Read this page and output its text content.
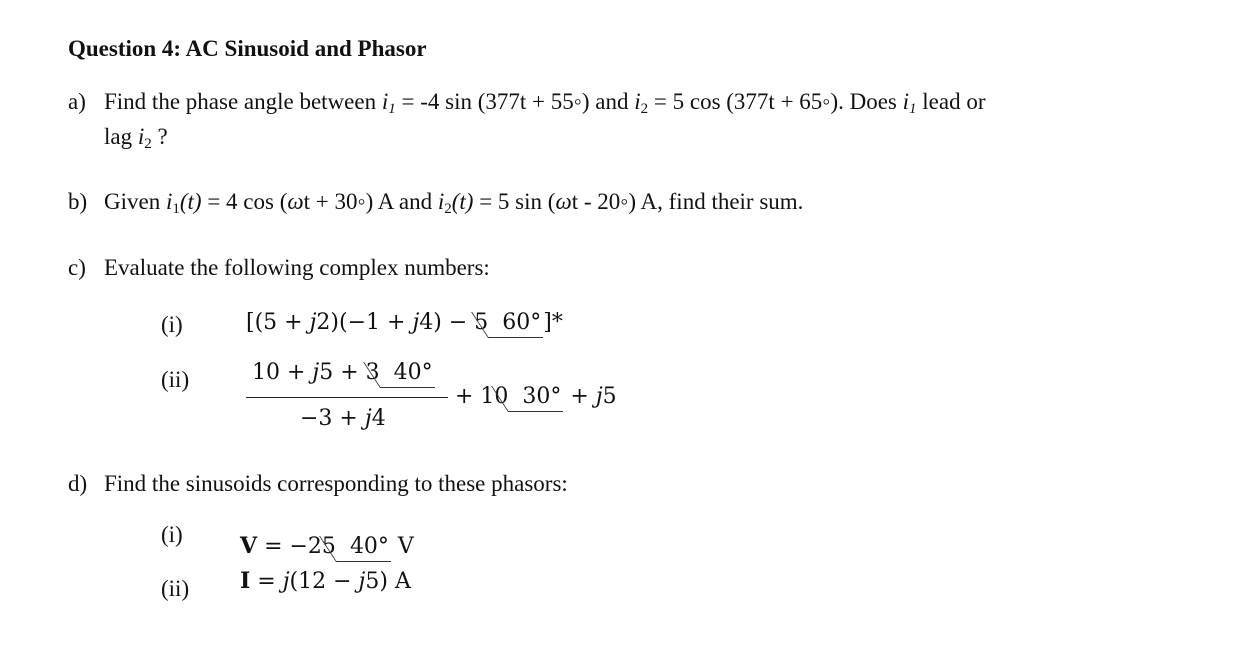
Question 4: AC Sinusoid and Phasor
a) Find the phase angle between $i_1 = -4$ sin (377t + 55◦) and $i_2 = 5$ cos (377t + 65◦). Does $i_1$ lead or
lag $i_2$ ?
b) Given $i_1(t) = 4$ cos (ωt + 30◦) A and $i_2(t) = 5$ sin (ωt - 20◦) A, find their sum.
c) Evaluate the following complex numbers:
(i)	[(5 + j2)(−1 + j4) − 5 60°]*
(ii)	10 + j5 + 3 40°
−3 + j4
+ 10 30° + j5
d) Find the sinusoids corresponding to these phasors:
(i)	V = −25 40° V
(ii) I = j(12 − j5) A
